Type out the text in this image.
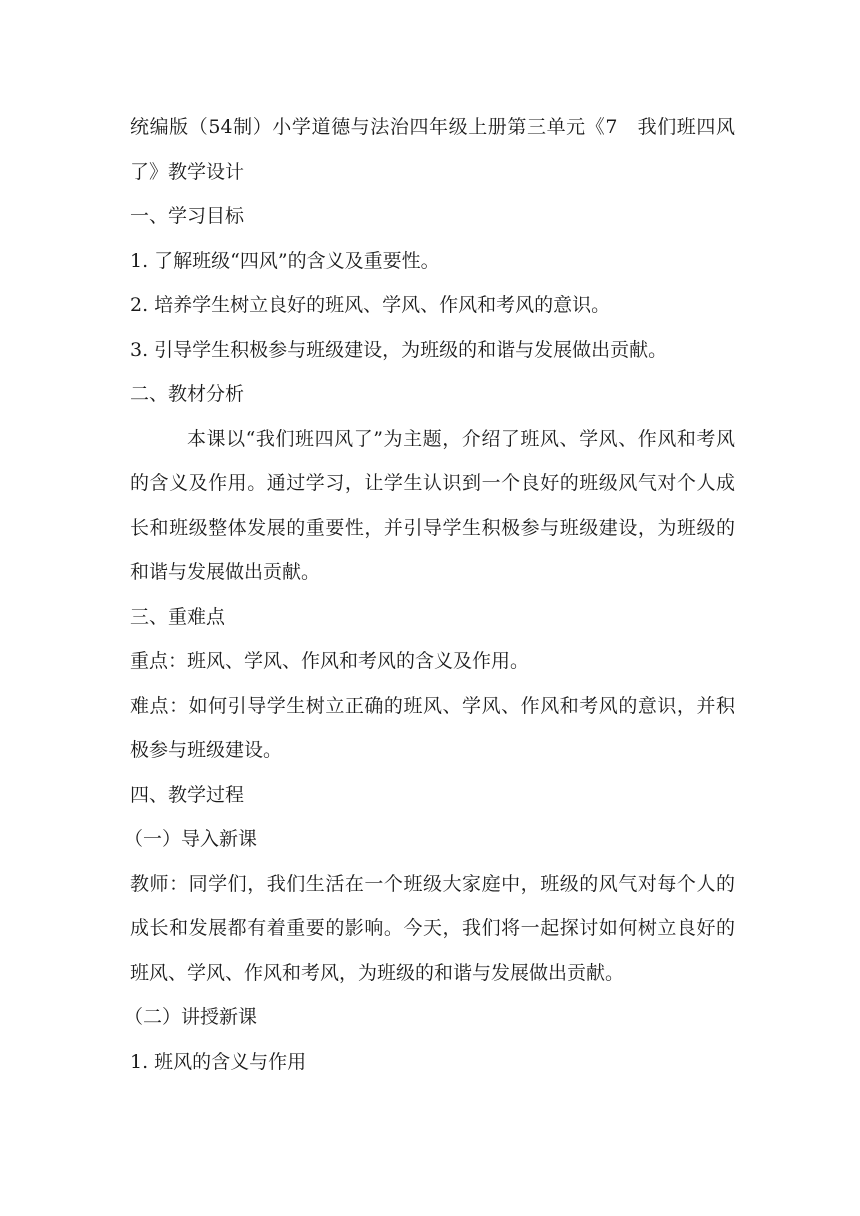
统编版（54制）小学道德与法治四年级上册第三单元《7　我们班四风了》教学设计

一、学习目标

1. 了解班级“四风”的含义及重要性。

2. 培养学生树立良好的班风、学风、作风和考风的意识。

3. 引导学生积极参与班级建设，为班级的和谐与发展做出贡献。

二、教材分析

本课以“我们班四风了”为主题，介绍了班风、学风、作风和考风的含义及作用。通过学习，让学生认识到一个良好的班级风气对个人成长和班级整体发展的重要性，并引导学生积极参与班级建设，为班级的和谐与发展做出贡献。

三、重难点

重点：班风、学风、作风和考风的含义及作用。

难点：如何引导学生树立正确的班风、学风、作风和考风的意识，并积极参与班级建设。

四、教学过程

（一）导入新课

教师：同学们，我们生活在一个班级大家庭中，班级的风气对每个人的成长和发展都有着重要的影响。今天，我们将一起探讨如何树立良好的班风、学风、作风和考风，为班级的和谐与发展做出贡献。

（二）讲授新课

1. 班风的含义与作用
